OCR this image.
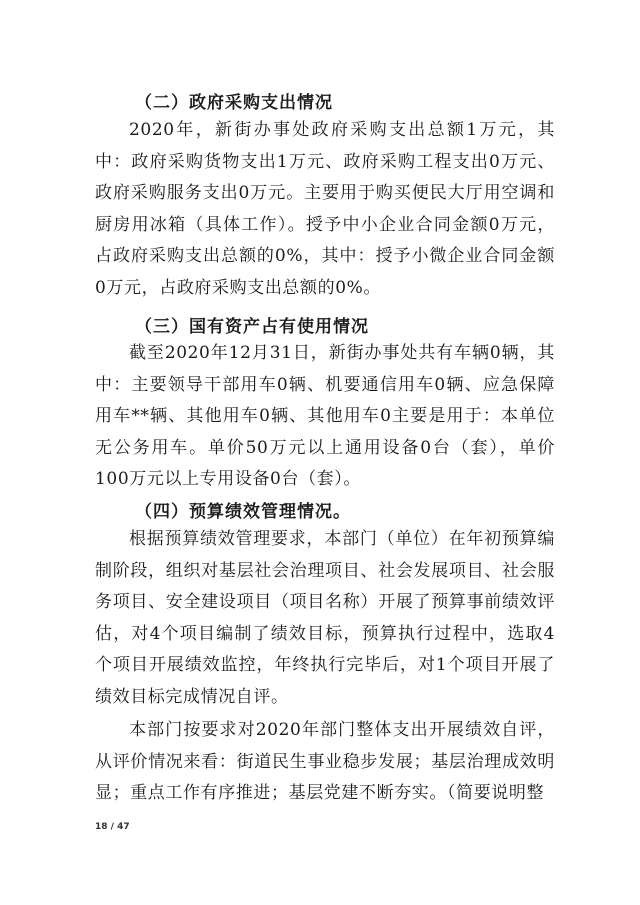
（二）政府采购支出情况

2020年，新街办事处政府采购支出总额1万元，其中：政府采购货物支出1万元、政府采购工程支出0万元、政府采购服务支出0万元。主要用于购买便民大厅用空调和厨房用冰箱（具体工作）。授予中小企业合同金额0万元，占政府采购支出总额的0%，其中：授予小微企业合同金额0万元，占政府采购支出总额的0%。

（三）国有资产占有使用情况

截至2020年12月31日，新街办事处共有车辆0辆，其中：主要领导干部用车0辆、机要通信用车0辆、应急保障用车**辆、其他用车0辆、其他用车0主要是用于：本单位无公务用车。单价50万元以上通用设备0台（套），单价100万元以上专用设备0台（套）。

（四）预算绩效管理情况。

根据预算绩效管理要求，本部门（单位）在年初预算编制阶段，组织对基层社会治理项目、社会发展项目、社会服务项目、安全建设项目（项目名称）开展了预算事前绩效评估，对4个项目编制了绩效目标，预算执行过程中，选取4个项目开展绩效监控，年终执行完毕后，对1个项目开展了绩效目标完成情况自评。

本部门按要求对2020年部门整体支出开展绩效自评，从评价情况来看：街道民生事业稳步发展；基层治理成效明显；重点工作有序推进；基层党建不断夯实。（简要说明整

18 / 47
